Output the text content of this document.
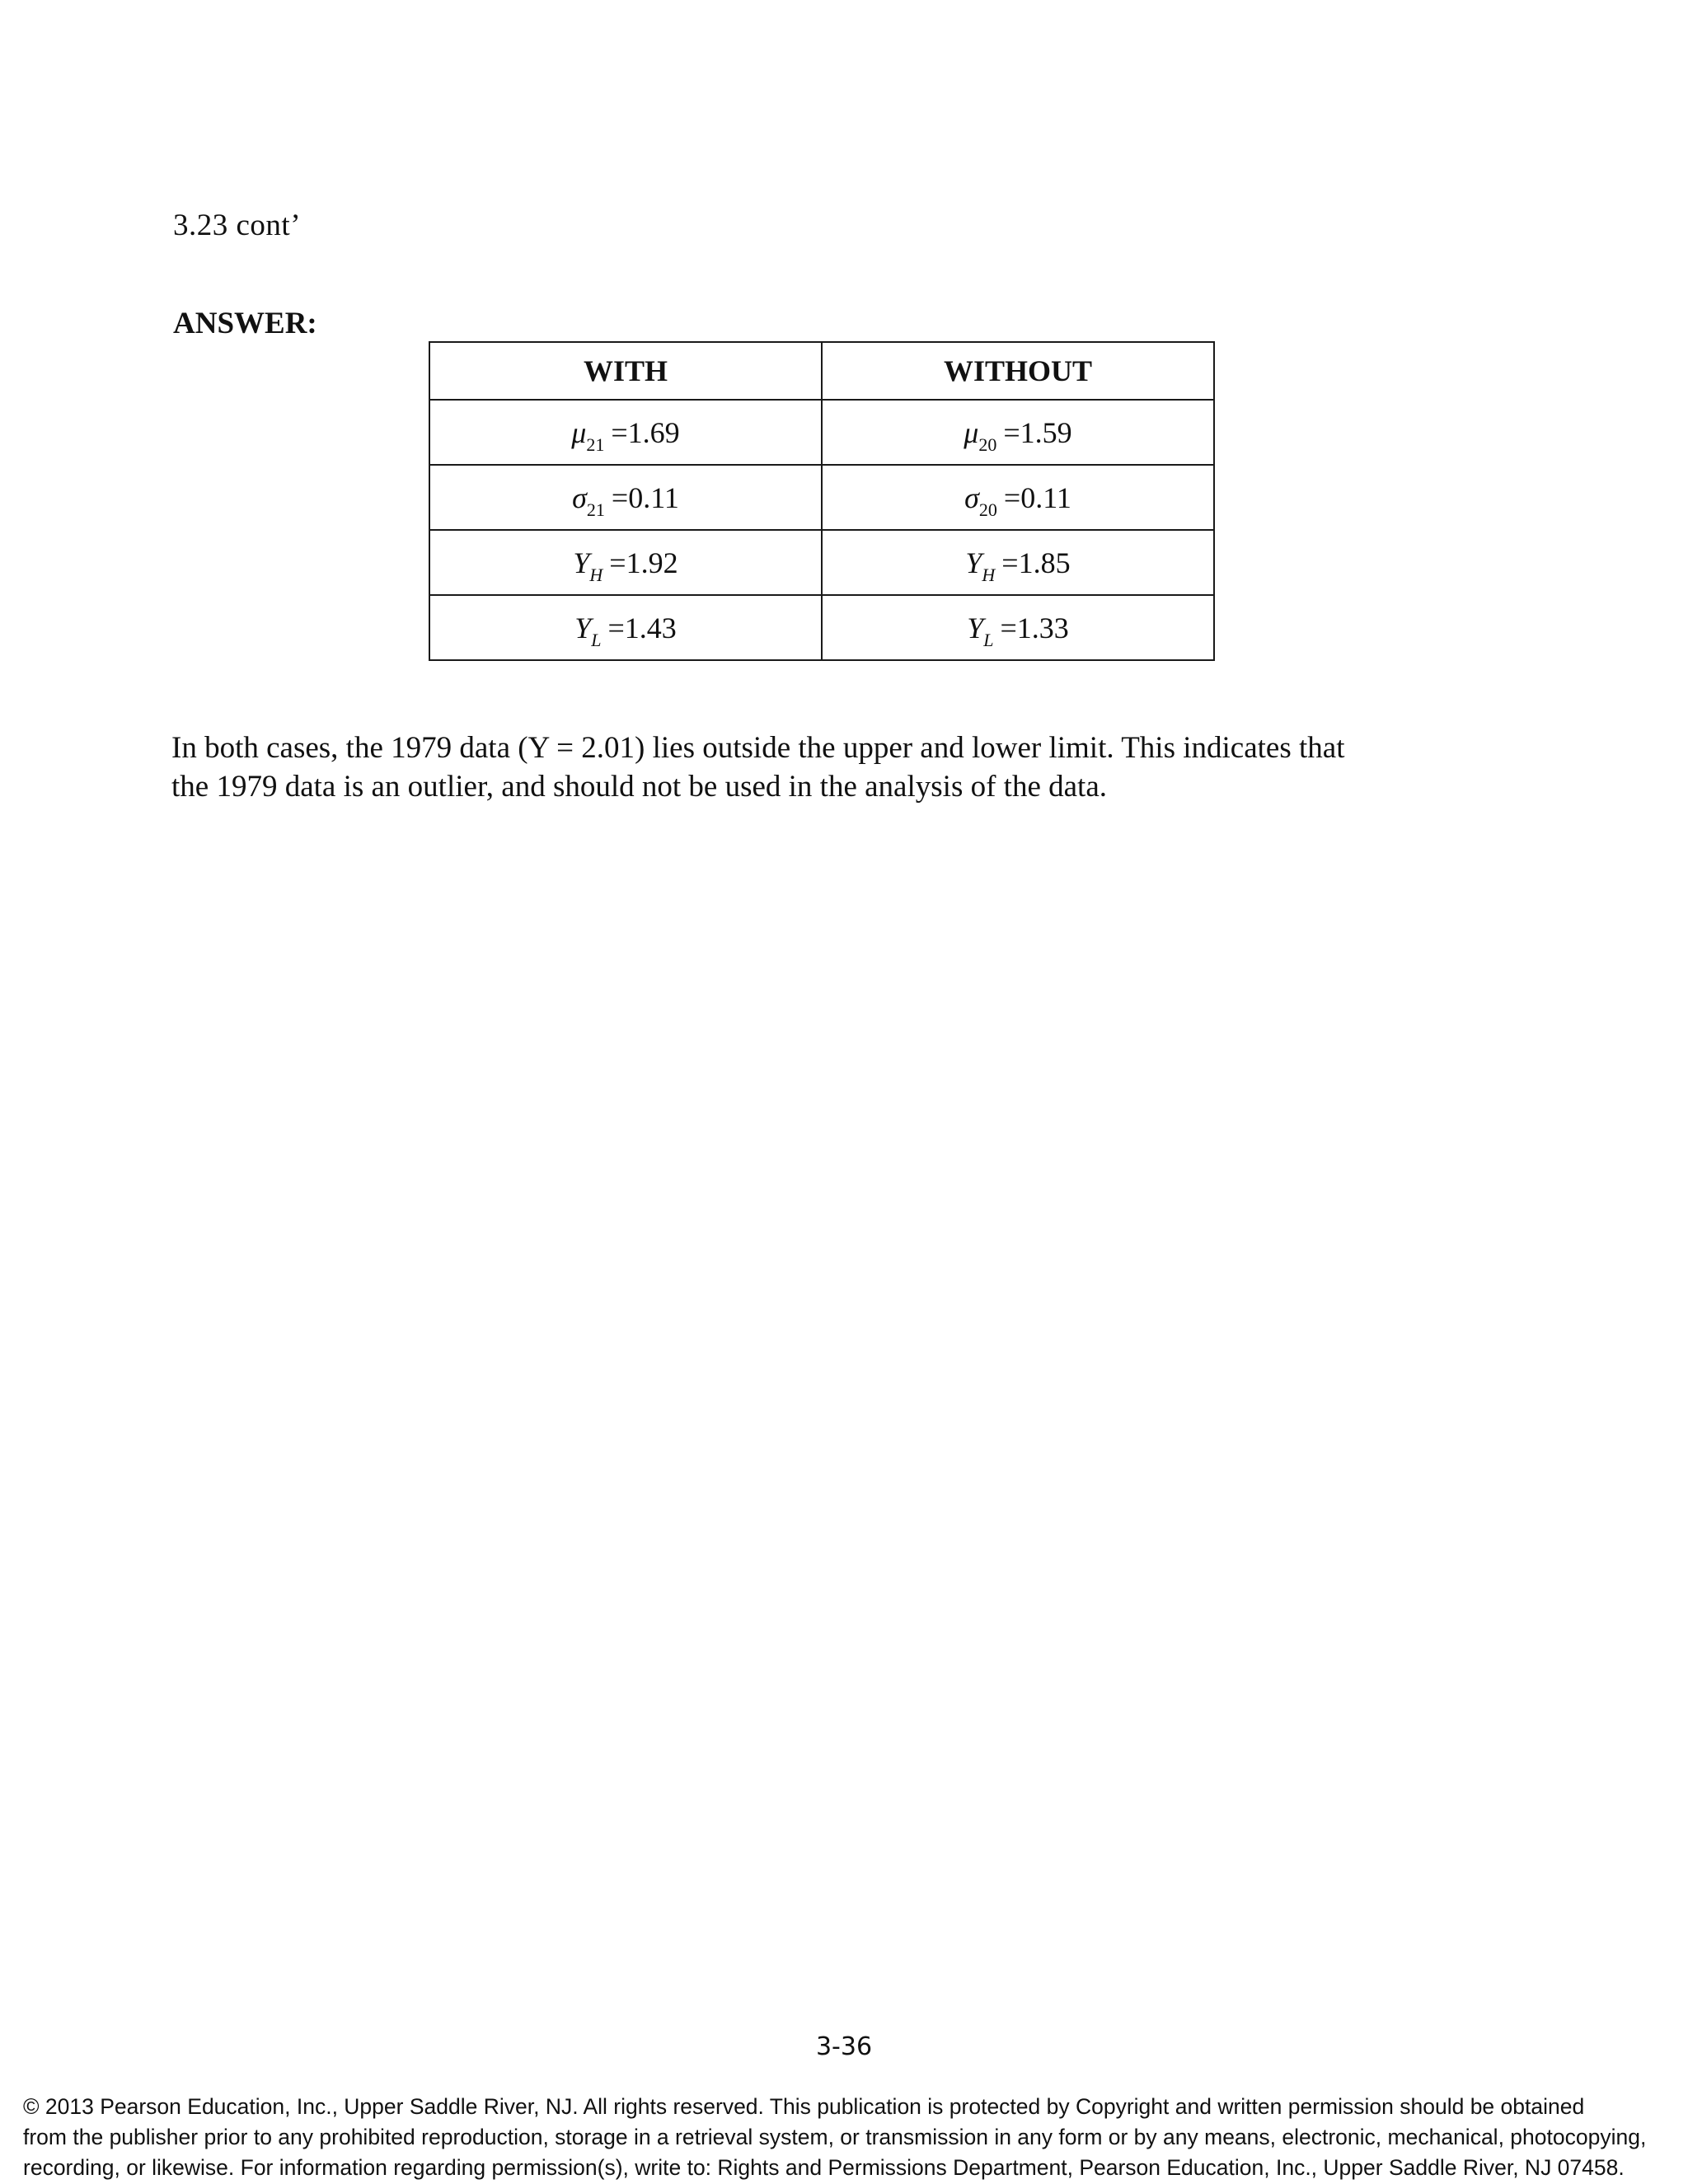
3.23 cont’
ANSWER:
WITH	WITHOUT
$\mu_{21} =1.69$	$\mu_{20} =1.59$
$\sigma_{21} =0.11$	$\sigma_{20} =0.11$
$Y_H =1.92$	$Y_H =1.85$
$Y_L =1.43$	$Y_L =1.33$
In both cases, the 1979 data (Y = 2.01) lies outside the upper and lower limit. This indicates that
the 1979 data is an outlier, and should not be used in the analysis of the data.
3-36
© 2013 Pearson Education, Inc., Upper Saddle River, NJ. All rights reserved. This publication is protected by Copyright and written permission should be obtained
from the publisher prior to any prohibited reproduction, storage in a retrieval system, or transmission in any form or by any means, electronic, mechanical, photocopying,
recording, or likewise. For information regarding permission(s), write to: Rights and Permissions Department, Pearson Education, Inc., Upper Saddle River, NJ 07458.
